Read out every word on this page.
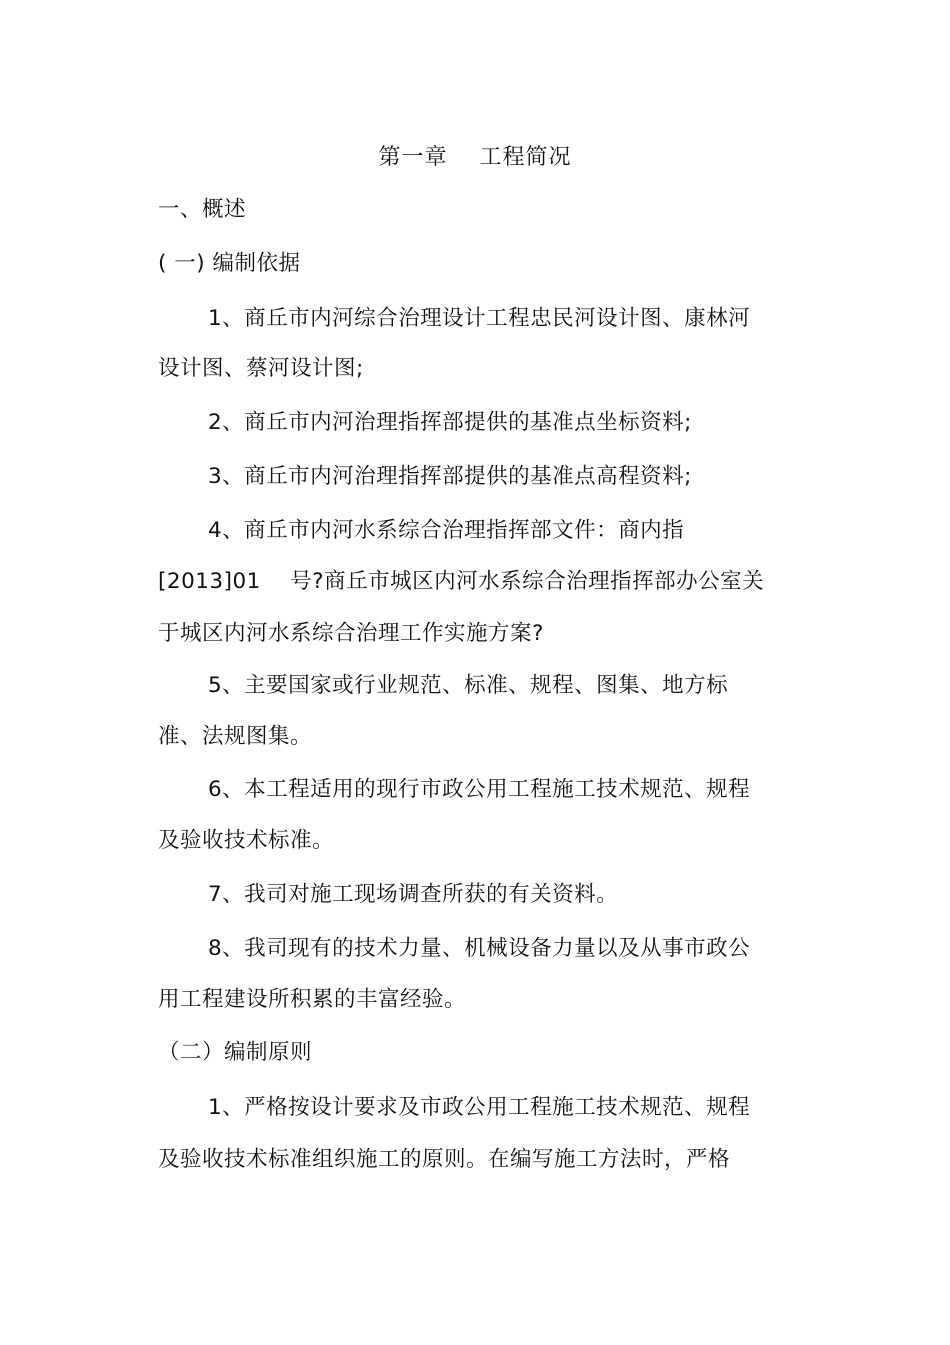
第一章    工程简况
一、概述
( 一) 编制依据
1、商丘市内河综合治理设计工程忠民河设计图、康林河
设计图、蔡河设计图;
2、商丘市内河治理指挥部提供的基准点坐标资料;
3、商丘市内河治理指挥部提供的基准点高程资料;
4、商丘市内河水系综合治理指挥部文件：商内指
[2013]01    号?商丘市城区内河水系综合治理指挥部办公室关
于城区内河水系综合治理工作实施方案?
5、主要国家或行业规范、标准、规程、图集、地方标
准、法规图集。
6、本工程适用的现行市政公用工程施工技术规范、规程
及验收技术标准。
7、我司对施工现场调查所获的有关资料。
8、我司现有的技术力量、机械设备力量以及从事市政公
用工程建设所积累的丰富经验。
（二）编制原则
1、严格按设计要求及市政公用工程施工技术规范、规程
及验收技术标准组织施工的原则。在编写施工方法时，严格
